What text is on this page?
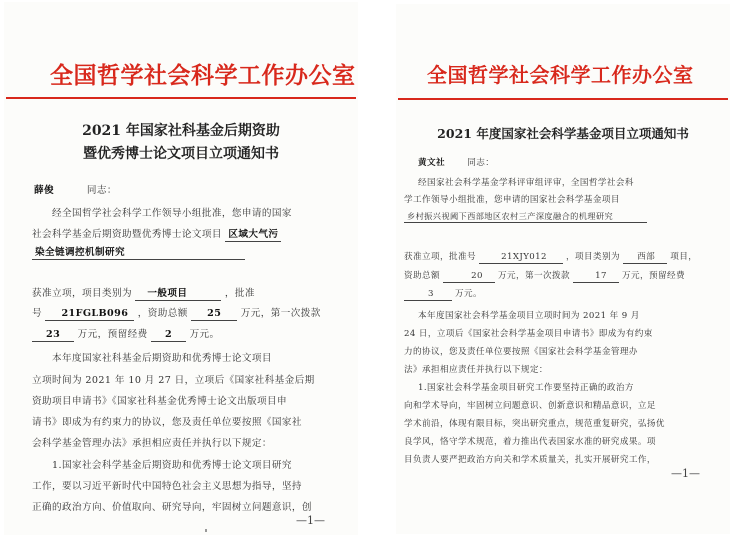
全国哲学社会科学工作办公室
2021 年国家社科基金后期资助
暨优秀博士论文项目立项通知书
薛俊	同志：
经全国哲学社会科学工作领导小组批准，您申请的国家
社会科学基金后期资助暨优秀博士论文项目 区域大气污
染全链调控机制研究
获准立项，项目类别为 一般项目	，批准
号 21FGLB096 ，资助总额 25 万元，第一次拨款
23 万元，预留经费 2 万元。
本年度国家社科基金后期资助和优秀博士论文项目
立项时间为 2021 年 10 月 27 日，立项后《国家社科基金后期
资助项目申请书》《国家社科基金优秀博士论文出版项目申
请书》即成为有约束力的协议，您及责任单位要按照《国家社
会科学基金管理办法》承担相应责任并执行以下规定：
1.国家社会科学基金后期资助和优秀博士论文项目研究
工作，要以习近平新时代中国特色社会主义思想为指导，坚持
正确的政治方向、价值取向、研究导向，牢固树立问题意识，创
—1—
全国哲学社会科学工作办公室
2021 年度国家社会科学基金项目立项通知书
黄文社	同志：
经国家社会科学基金学科评审组评审，全国哲学社会科
学工作领导小组批准，您申请的国家社会科学基金项目
乡村振兴视阈下西部地区农村三产深度融合的机理研究
获准立项，批准号	21XJY012 ，项目类别为 西部 项目，
资助总额	20 万元，第一次拨款	17 万元，预留经费
3 万元。
本年度国家社会科学基金项目立项时间为 2021 年 9 月
24 日，立项后《国家社会科学基金项目申请书》即成为有约束
力的协议，您及责任单位要按照《国家社会科学基金管理办
法》承担相应责任并执行以下规定：
1.国家社会科学基金项目研究工作要坚持正确的政治方
向和学术导向，牢固树立问题意识、创新意识和精品意识，立足
学术前沿，体现有限目标，突出研究重点，规范重复研究，弘扬优
良学风，恪守学术规范，着力推出代表国家水准的研究成果。项
目负责人要严把政治方向关和学术质量关，扎实开展研究工作，
—1—
